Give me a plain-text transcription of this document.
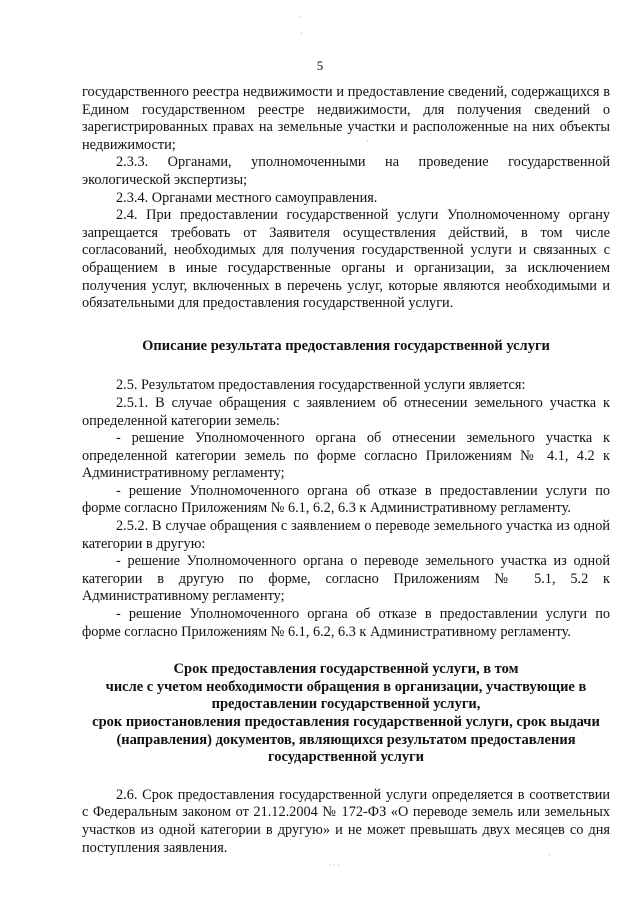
5

государственного реестра недвижимости и предоставление сведений, содержащихся в Едином государственном реестре недвижимости, для получения сведений о зарегистрированных правах на земельные участки и расположенные на них объекты недвижимости;

2.3.3. Органами, уполномоченными на проведение государственной экологической экспертизы;

2.3.4. Органами местного самоуправления.

2.4. При предоставлении государственной услуги Уполномоченному органу запрещается требовать от Заявителя осуществления действий, в том числе согласований, необходимых для получения государственной услуги и связанных с обращением в иные государственные органы и организации, за исключением получения услуг, включенных в перечень услуг, которые являются необходимыми и обязательными для предоставления государственной услуги.

Описание результата предоставления государственной услуги

2.5. Результатом предоставления государственной услуги является:

2.5.1. В случае обращения с заявлением об отнесении земельного участка к определенной категории земель:

- решение Уполномоченного органа об отнесении земельного участка к определенной категории земель по форме согласно Приложениям № 4.1, 4.2 к Административному регламенту;

- решение Уполномоченного органа об отказе в предоставлении услуги по форме согласно Приложениям № 6.1, 6.2, 6.3 к Административному регламенту.

2.5.2. В случае обращения с заявлением о переводе земельного участка из одной категории в другую:

- решение Уполномоченного органа о переводе земельного участка из одной категории в другую по форме, согласно Приложениям № 5.1, 5.2 к Административному регламенту;

- решение Уполномоченного органа об отказе в предоставлении услуги по форме согласно Приложениям № 6.1, 6.2, 6.3 к Административному регламенту.

Срок предоставления государственной услуги, в том
числе с учетом необходимости обращения в организации, участвующие в
предоставлении государственной услуги,
срок приостановления предоставления государственной услуги, срок выдачи
(направления) документов, являющихся результатом предоставления
государственной услуги

2.6. Срок предоставления государственной услуги определяется в соответствии с Федеральным законом от 21.12.2004 № 172-ФЗ «О переводе земель или земельных участков из одной категории в другую» и не может превышать двух месяцев со дня поступления заявления.

·
·
·
· · ·
·
